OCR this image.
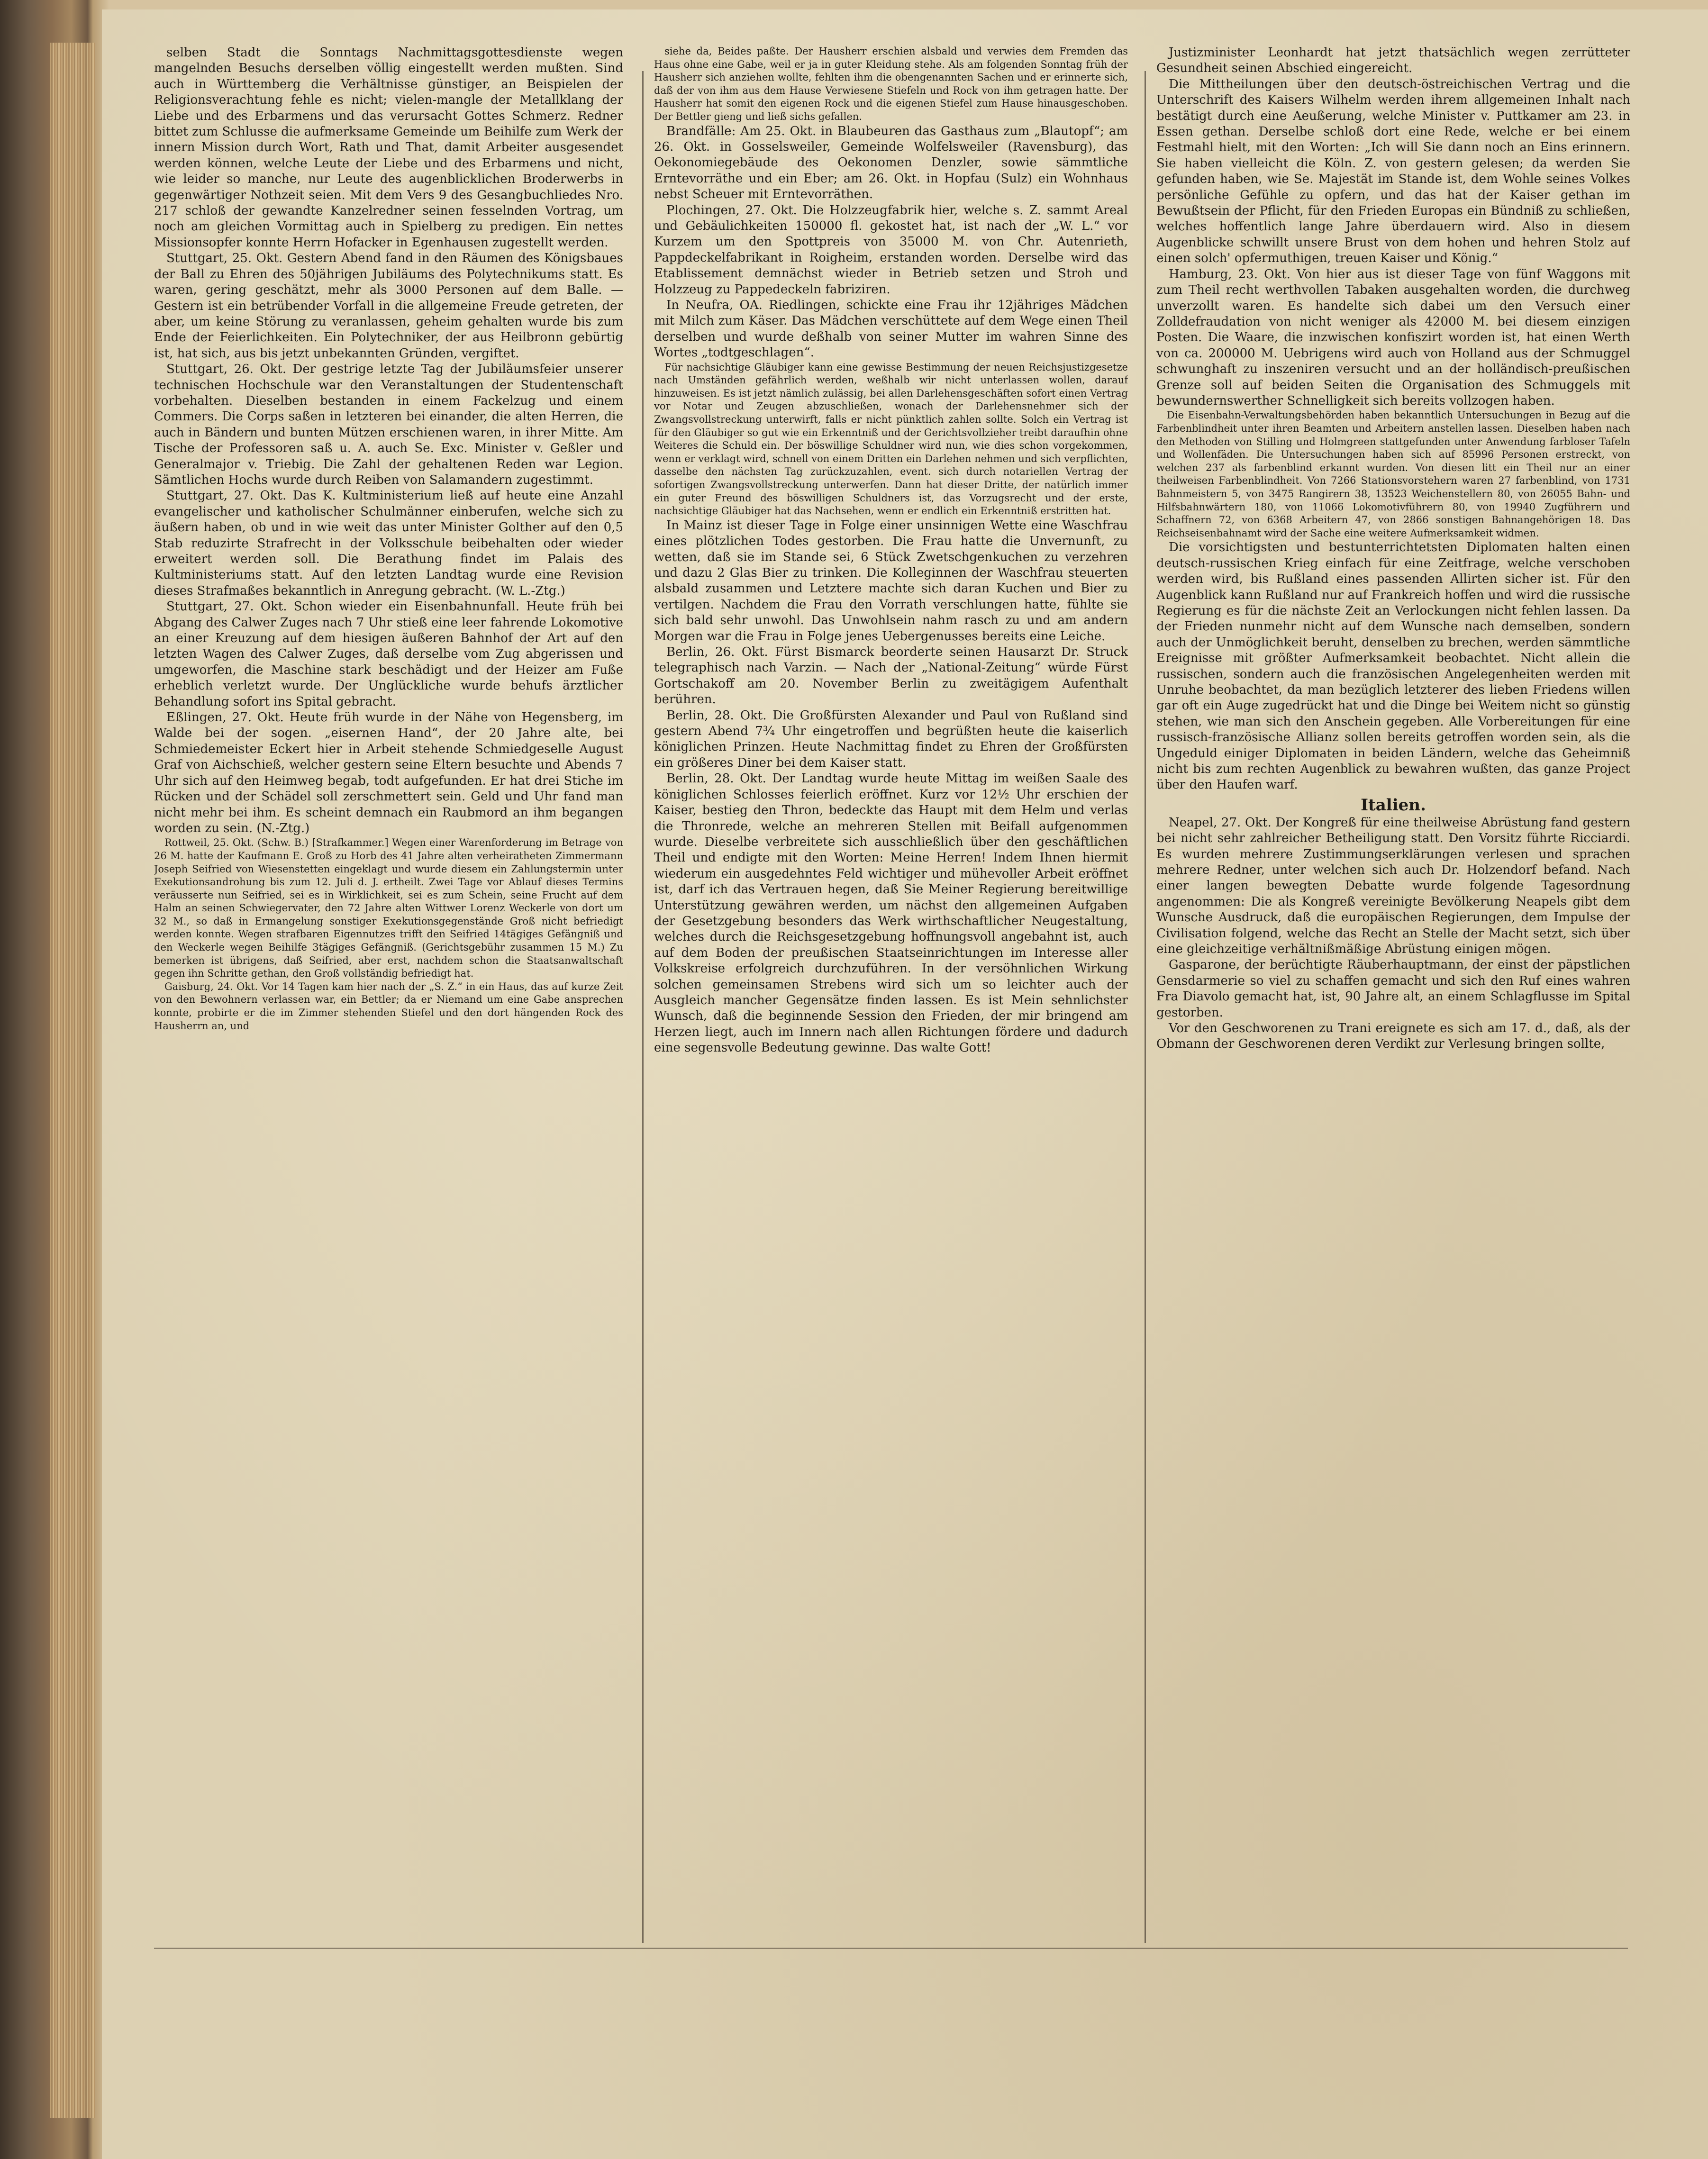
selben Stadt die Sonntags Nachmittagsgottesdienste wegen mangelnden Besuchs derselben völlig eingestellt werden mußten. Sind auch in Württemberg die Verhältnisse günstiger, an Beispielen der Religionsverachtung fehle es nicht; vielen-mangle der Metallklang der Liebe und des Erbarmens und das verursacht Gottes Schmerz. Redner bittet zum Schlusse die aufmerksame Gemeinde um Beihilfe zum Werk der innern Mission durch Wort, Rath und That, damit Arbeiter ausgesendet werden können, welche Leute der Liebe und des Erbarmens und nicht, wie leider so manche, nur Leute des augenblicklichen Broderwerbs in gegenwärtiger Nothzeit seien. Mit dem Vers 9 des Gesangbuchliedes Nro. 217 schloß der gewandte Kanzelredner seinen fesselnden Vortrag, um noch am gleichen Vormittag auch in Spielberg zu predigen. Ein nettes Missionsopfer konnte Herrn Hofacker in Egenhausen zugestellt werden.

Stuttgart, 25. Okt. Gestern Abend fand in den Räumen des Königsbaues der Ball zu Ehren des 50jährigen Jubiläums des Polytechnikums statt. Es waren, gering geschätzt, mehr als 3000 Personen auf dem Balle. — Gestern ist ein betrübender Vorfall in die allgemeine Freude getreten, der aber, um keine Störung zu veranlassen, geheim gehalten wurde bis zum Ende der Feierlichkeiten. Ein Polytechniker, der aus Heilbronn gebürtig ist, hat sich, aus bis jetzt unbekannten Gründen, vergiftet.

Stuttgart, 26. Okt. Der gestrige letzte Tag der Jubiläumsfeier unserer technischen Hochschule war den Veranstaltungen der Studentenschaft vorbehalten. Dieselben bestanden in einem Fackelzug und einem Commers. Die Corps saßen in letzteren bei einander, die alten Herren, die auch in Bändern und bunten Mützen erschienen waren, in ihrer Mitte. Am Tische der Professoren saß u. A. auch Se. Exc. Minister v. Geßler und Generalmajor v. Triebig. Die Zahl der gehaltenen Reden war Legion. Sämtlichen Hochs wurde durch Reiben von Salamandern zugestimmt.

Stuttgart, 27. Okt. Das K. Kultministerium ließ auf heute eine Anzahl evangelischer und katholischer Schulmänner einberufen, welche sich zu äußern haben, ob und in wie weit das unter Minister Golther auf den 0,5 Stab reduzirte Strafrecht in der Volksschule beibehalten oder wieder erweitert werden soll. Die Berathung findet im Palais des Kultministeriums statt. Auf den letzten Landtag wurde eine Revision dieses Strafmaßes bekanntlich in Anregung gebracht. (W. L.-Ztg.)

Stuttgart, 27. Okt. Schon wieder ein Eisenbahnunfall. Heute früh bei Abgang des Calwer Zuges nach 7 Uhr stieß eine leer fahrende Lokomotive an einer Kreuzung auf dem hiesigen äußeren Bahnhof der Art auf den letzten Wagen des Calwer Zuges, daß derselbe vom Zug abgerissen und umgeworfen, die Maschine stark beschädigt und der Heizer am Fuße erheblich verletzt wurde. Der Unglückliche wurde behufs ärztlicher Behandlung sofort ins Spital gebracht.

Eßlingen, 27. Okt. Heute früh wurde in der Nähe von Hegensberg, im Walde bei der sogen. „eisernen Hand“, der 20 Jahre alte, bei Schmiedemeister Eckert hier in Arbeit stehende Schmiedgeselle August Graf von Aichschieß, welcher gestern seine Eltern besuchte und Abends 7 Uhr sich auf den Heimweg begab, todt aufgefunden. Er hat drei Stiche im Rücken und der Schädel soll zerschmettert sein. Geld und Uhr fand man nicht mehr bei ihm. Es scheint demnach ein Raubmord an ihm begangen worden zu sein. (N.-Ztg.)

Rottweil, 25. Okt. (Schw. B.) [Strafkammer.] Wegen einer Warenforderung im Betrage von 26 M. hatte der Kaufmann E. Groß zu Horb des 41 Jahre alten verheiratheten Zimmermann Joseph Seifried von Wiesenstetten eingeklagt und wurde diesem ein Zahlungstermin unter Exekutionsandrohung bis zum 12. Juli d. J. ertheilt. Zwei Tage vor Ablauf dieses Termins veräusserte nun Seifried, sei es in Wirklichkeit, sei es zum Schein, seine Frucht auf dem Halm an seinen Schwiegervater, den 72 Jahre alten Wittwer Lorenz Weckerle von dort um 32 M., so daß in Ermangelung sonstiger Exekutionsgegenstände Groß nicht befriedigt werden konnte. Wegen strafbaren Eigennutzes trifft den Seifried 14tägiges Gefängniß und den Weckerle wegen Beihilfe 3tägiges Gefängniß. (Gerichtsgebühr zusammen 15 M.) Zu bemerken ist übrigens, daß Seifried, aber erst, nachdem schon die Staatsanwaltschaft gegen ihn Schritte gethan, den Groß vollständig befriedigt hat.

Gaisburg, 24. Okt. Vor 14 Tagen kam hier nach der „S. Z.“ in ein Haus, das auf kurze Zeit von den Bewohnern verlassen war, ein Bettler; da er Niemand um eine Gabe ansprechen konnte, probirte er die im Zimmer stehenden Stiefel und den dort hängenden Rock des Hausherrn an, und

siehe da, Beides paßte. Der Hausherr erschien alsbald und verwies dem Fremden das Haus ohne eine Gabe, weil er ja in guter Kleidung stehe. Als am folgenden Sonntag früh der Hausherr sich anziehen wollte, fehlten ihm die obengenannten Sachen und er erinnerte sich, daß der von ihm aus dem Hause Verwiesene Stiefeln und Rock von ihm getragen hatte. Der Hausherr hat somit den eigenen Rock und die eigenen Stiefel zum Hause hinausgeschoben. Der Bettler gieng und ließ sichs gefallen.

Brandfälle: Am 25. Okt. in Blaubeuren das Gasthaus zum „Blautopf“; am 26. Okt. in Gosselsweiler, Gemeinde Wolfelsweiler (Ravensburg), das Oekonomiegebäude des Oekonomen Denzler, sowie sämmtliche Erntevorräthe und ein Eber; am 26. Okt. in Hopfau (Sulz) ein Wohnhaus nebst Scheuer mit Erntevorräthen.

Plochingen, 27. Okt. Die Holzzeugfabrik hier, welche s. Z. sammt Areal und Gebäulichkeiten 150000 fl. gekostet hat, ist nach der „W. L.“ vor Kurzem um den Spottpreis von 35000 M. von Chr. Autenrieth, Pappdeckelfabrikant in Roigheim, erstanden worden. Derselbe wird das Etablissement demnächst wieder in Betrieb setzen und Stroh und Holzzeug zu Pappedeckeln fabriziren.

In Neufra, OA. Riedlingen, schickte eine Frau ihr 12jähriges Mädchen mit Milch zum Käser. Das Mädchen verschüttete auf dem Wege einen Theil derselben und wurde deßhalb von seiner Mutter im wahren Sinne des Wortes „todtgeschlagen“.

Für nachsichtige Gläubiger kann eine gewisse Bestimmung der neuen Reichsjustizgesetze nach Umständen gefährlich werden, weßhalb wir nicht unterlassen wollen, darauf hinzuweisen. Es ist jetzt nämlich zulässig, bei allen Darlehensgeschäften sofort einen Vertrag vor Notar und Zeugen abzuschließen, wonach der Darlehensnehmer sich der Zwangsvollstreckung unterwirft, falls er nicht pünktlich zahlen sollte. Solch ein Vertrag ist für den Gläubiger so gut wie ein Erkenntniß und der Gerichtsvollzieher treibt daraufhin ohne Weiteres die Schuld ein. Der böswillige Schuldner wird nun, wie dies schon vorgekommen, wenn er verklagt wird, schnell von einem Dritten ein Darlehen nehmen und sich verpflichten, dasselbe den nächsten Tag zurückzuzahlen, event. sich durch notariellen Vertrag der sofortigen Zwangsvollstreckung unterwerfen. Dann hat dieser Dritte, der natürlich immer ein guter Freund des böswilligen Schuldners ist, das Vorzugsrecht und der erste, nachsichtige Gläubiger hat das Nachsehen, wenn er endlich ein Erkenntniß erstritten hat.

In Mainz ist dieser Tage in Folge einer unsinnigen Wette eine Waschfrau eines plötzlichen Todes gestorben. Die Frau hatte die Unvernunft, zu wetten, daß sie im Stande sei, 6 Stück Zwetschgenkuchen zu verzehren und dazu 2 Glas Bier zu trinken. Die Kolleginnen der Waschfrau steuerten alsbald zusammen und Letztere machte sich daran Kuchen und Bier zu vertilgen. Nachdem die Frau den Vorrath verschlungen hatte, fühlte sie sich bald sehr unwohl. Das Unwohlsein nahm rasch zu und am andern Morgen war die Frau in Folge jenes Uebergenusses bereits eine Leiche.

Berlin, 26. Okt. Fürst Bismarck beorderte seinen Hausarzt Dr. Struck telegraphisch nach Varzin. — Nach der „National-Zeitung“ würde Fürst Gortschakoff am 20. November Berlin zu zweitägigem Aufenthalt berühren.

Berlin, 28. Okt. Die Großfürsten Alexander und Paul von Rußland sind gestern Abend 7¾ Uhr eingetroffen und begrüßten heute die kaiserlich königlichen Prinzen. Heute Nachmittag findet zu Ehren der Großfürsten ein größeres Diner bei dem Kaiser statt.

Berlin, 28. Okt. Der Landtag wurde heute Mittag im weißen Saale des königlichen Schlosses feierlich eröffnet. Kurz vor 12½ Uhr erschien der Kaiser, bestieg den Thron, bedeckte das Haupt mit dem Helm und verlas die Thronrede, welche an mehreren Stellen mit Beifall aufgenommen wurde. Dieselbe verbreitete sich ausschließlich über den geschäftlichen Theil und endigte mit den Worten: Meine Herren! Indem Ihnen hiermit wiederum ein ausgedehntes Feld wichtiger und mühevoller Arbeit eröffnet ist, darf ich das Vertrauen hegen, daß Sie Meiner Regierung bereitwillige Unterstützung gewähren werden, um nächst den allgemeinen Aufgaben der Gesetzgebung besonders das Werk wirthschaftlicher Neugestaltung, welches durch die Reichsgesetzgebung hoffnungsvoll angebahnt ist, auch auf dem Boden der preußischen Staatseinrichtungen im Interesse aller Volkskreise erfolgreich durchzuführen. In der versöhnlichen Wirkung solchen gemeinsamen Strebens wird sich um so leichter auch der Ausgleich mancher Gegensätze finden lassen. Es ist Mein sehnlichster Wunsch, daß die beginnende Session den Frieden, der mir bringend am Herzen liegt, auch im Innern nach allen Richtungen fördere und dadurch eine segensvolle Bedeutung gewinne. Das walte Gott!

Justizminister Leonhardt hat jetzt thatsächlich wegen zerrütteter Gesundheit seinen Abschied eingereicht.

Die Mittheilungen über den deutsch-östreichischen Vertrag und die Unterschrift des Kaisers Wilhelm werden ihrem allgemeinen Inhalt nach bestätigt durch eine Aeußerung, welche Minister v. Puttkamer am 23. in Essen gethan. Derselbe schloß dort eine Rede, welche er bei einem Festmahl hielt, mit den Worten: „Ich will Sie dann noch an Eins erinnern. Sie haben vielleicht die Köln. Z. von gestern gelesen; da werden Sie gefunden haben, wie Se. Majestät im Stande ist, dem Wohle seines Volkes persönliche Gefühle zu opfern, und das hat der Kaiser gethan im Bewußtsein der Pflicht, für den Frieden Europas ein Bündniß zu schließen, welches hoffentlich lange Jahre überdauern wird. Also in diesem Augenblicke schwillt unsere Brust von dem hohen und hehren Stolz auf einen solch' opfermuthigen, treuen Kaiser und König.“

Hamburg, 23. Okt. Von hier aus ist dieser Tage von fünf Waggons mit zum Theil recht werthvollen Tabaken ausgehalten worden, die durchweg unverzollt waren. Es handelte sich dabei um den Versuch einer Zolldefraudation von nicht weniger als 42000 M. bei diesem einzigen Posten. Die Waare, die inzwischen konfiszirt worden ist, hat einen Werth von ca. 200000 M. Uebrigens wird auch von Holland aus der Schmuggel schwunghaft zu inszeniren versucht und an der holländisch-preußischen Grenze soll auf beiden Seiten die Organisation des Schmuggels mit bewundernswerther Schnelligkeit sich bereits vollzogen haben.

Die Eisenbahn-Verwaltungsbehörden haben bekanntlich Untersuchungen in Bezug auf die Farbenblindheit unter ihren Beamten und Arbeitern anstellen lassen. Dieselben haben nach den Methoden von Stilling und Holmgreen stattgefunden unter Anwendung farbloser Tafeln und Wollenfäden. Die Untersuchungen haben sich auf 85996 Personen erstreckt, von welchen 237 als farbenblind erkannt wurden. Von diesen litt ein Theil nur an einer theilweisen Farbenblindheit. Von 7266 Stationsvorstehern waren 27 farbenblind, von 1731 Bahnmeistern 5, von 3475 Rangirern 38, 13523 Weichenstellern 80, von 26055 Bahn- und Hilfsbahnwärtern 180, von 11066 Lokomotivführern 80, von 19940 Zugführern und Schaffnern 72, von 6368 Arbeitern 47, von 2866 sonstigen Bahnangehörigen 18. Das Reichseisenbahnamt wird der Sache eine weitere Aufmerksamkeit widmen.

Die vorsichtigsten und bestunterrichtetsten Diplomaten halten einen deutsch-russischen Krieg einfach für eine Zeitfrage, welche verschoben werden wird, bis Rußland eines passenden Allirten sicher ist. Für den Augenblick kann Rußland nur auf Frankreich hoffen und wird die russische Regierung es für die nächste Zeit an Verlockungen nicht fehlen lassen. Da der Frieden nunmehr nicht auf dem Wunsche nach demselben, sondern auch der Unmöglichkeit beruht, denselben zu brechen, werden sämmtliche Ereignisse mit größter Aufmerksamkeit beobachtet. Nicht allein die russischen, sondern auch die französischen Angelegenheiten werden mit Unruhe beobachtet, da man bezüglich letzterer des lieben Friedens willen gar oft ein Auge zugedrückt hat und die Dinge bei Weitem nicht so günstig stehen, wie man sich den Anschein gegeben. Alle Vorbereitungen für eine russisch-französische Allianz sollen bereits getroffen worden sein, als die Ungeduld einiger Diplomaten in beiden Ländern, welche das Geheimniß nicht bis zum rechten Augenblick zu bewahren wußten, das ganze Project über den Haufen warf.

Italien.

Neapel, 27. Okt. Der Kongreß für eine theilweise Abrüstung fand gestern bei nicht sehr zahlreicher Betheiligung statt. Den Vorsitz führte Ricciardi. Es wurden mehrere Zustimmungserklärungen verlesen und sprachen mehrere Redner, unter welchen sich auch Dr. Holzendorf befand. Nach einer langen bewegten Debatte wurde folgende Tagesordnung angenommen: Die als Kongreß vereinigte Bevölkerung Neapels gibt dem Wunsche Ausdruck, daß die europäischen Regierungen, dem Impulse der Civilisation folgend, welche das Recht an Stelle der Macht setzt, sich über eine gleichzeitige verhältnißmäßige Abrüstung einigen mögen.

Gasparone, der berüchtigte Räuberhauptmann, der einst der päpstlichen Gensdarmerie so viel zu schaffen gemacht und sich den Ruf eines wahren Fra Diavolo gemacht hat, ist, 90 Jahre alt, an einem Schlagflusse im Spital gestorben.

Vor den Geschworenen zu Trani ereignete es sich am 17. d., daß, als der Obmann der Geschworenen deren Verdikt zur Verlesung bringen sollte,
